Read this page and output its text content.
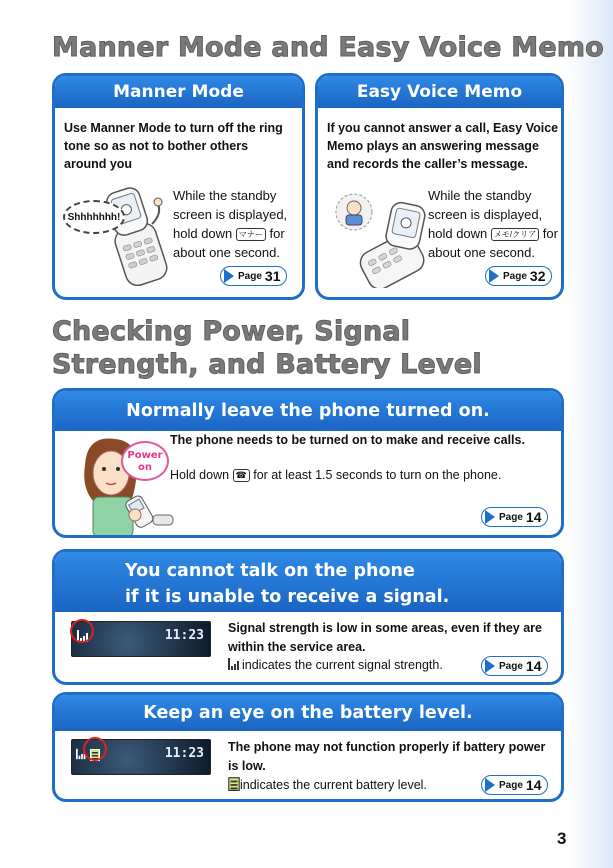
Manner Mode and Easy Voice Memo
Manner Mode
Use Manner Mode to turn off the ring tone so as not to bother others around you
Shhhhhhh!
While the standby screen is displayed, hold down マナー for about one second.
Page 31
Easy Voice Memo
If you cannot answer a call, Easy Voice Memo plays an answering message and records the caller’s message.
While the standby screen is displayed, hold down メモ/クリア for about one second.
Page 32
Checking Power, Signal
Strength, and Battery Level
Normally leave the phone turned on.
Power
on
The phone needs to be turned on to make and receive calls.
Hold down ☎ for at least 1.5 seconds to turn on the phone.
Page 14
You cannot talk on the phone
if it is unable to receive a signal.
11:23 Signal strength is low in some areas, even if they are within the service area.
indicates the current signal strength.	Page 14
Keep an eye on the battery level.
11:23 The phone may not function properly if battery power is low.
indicates the current battery level.	Page 14
3
